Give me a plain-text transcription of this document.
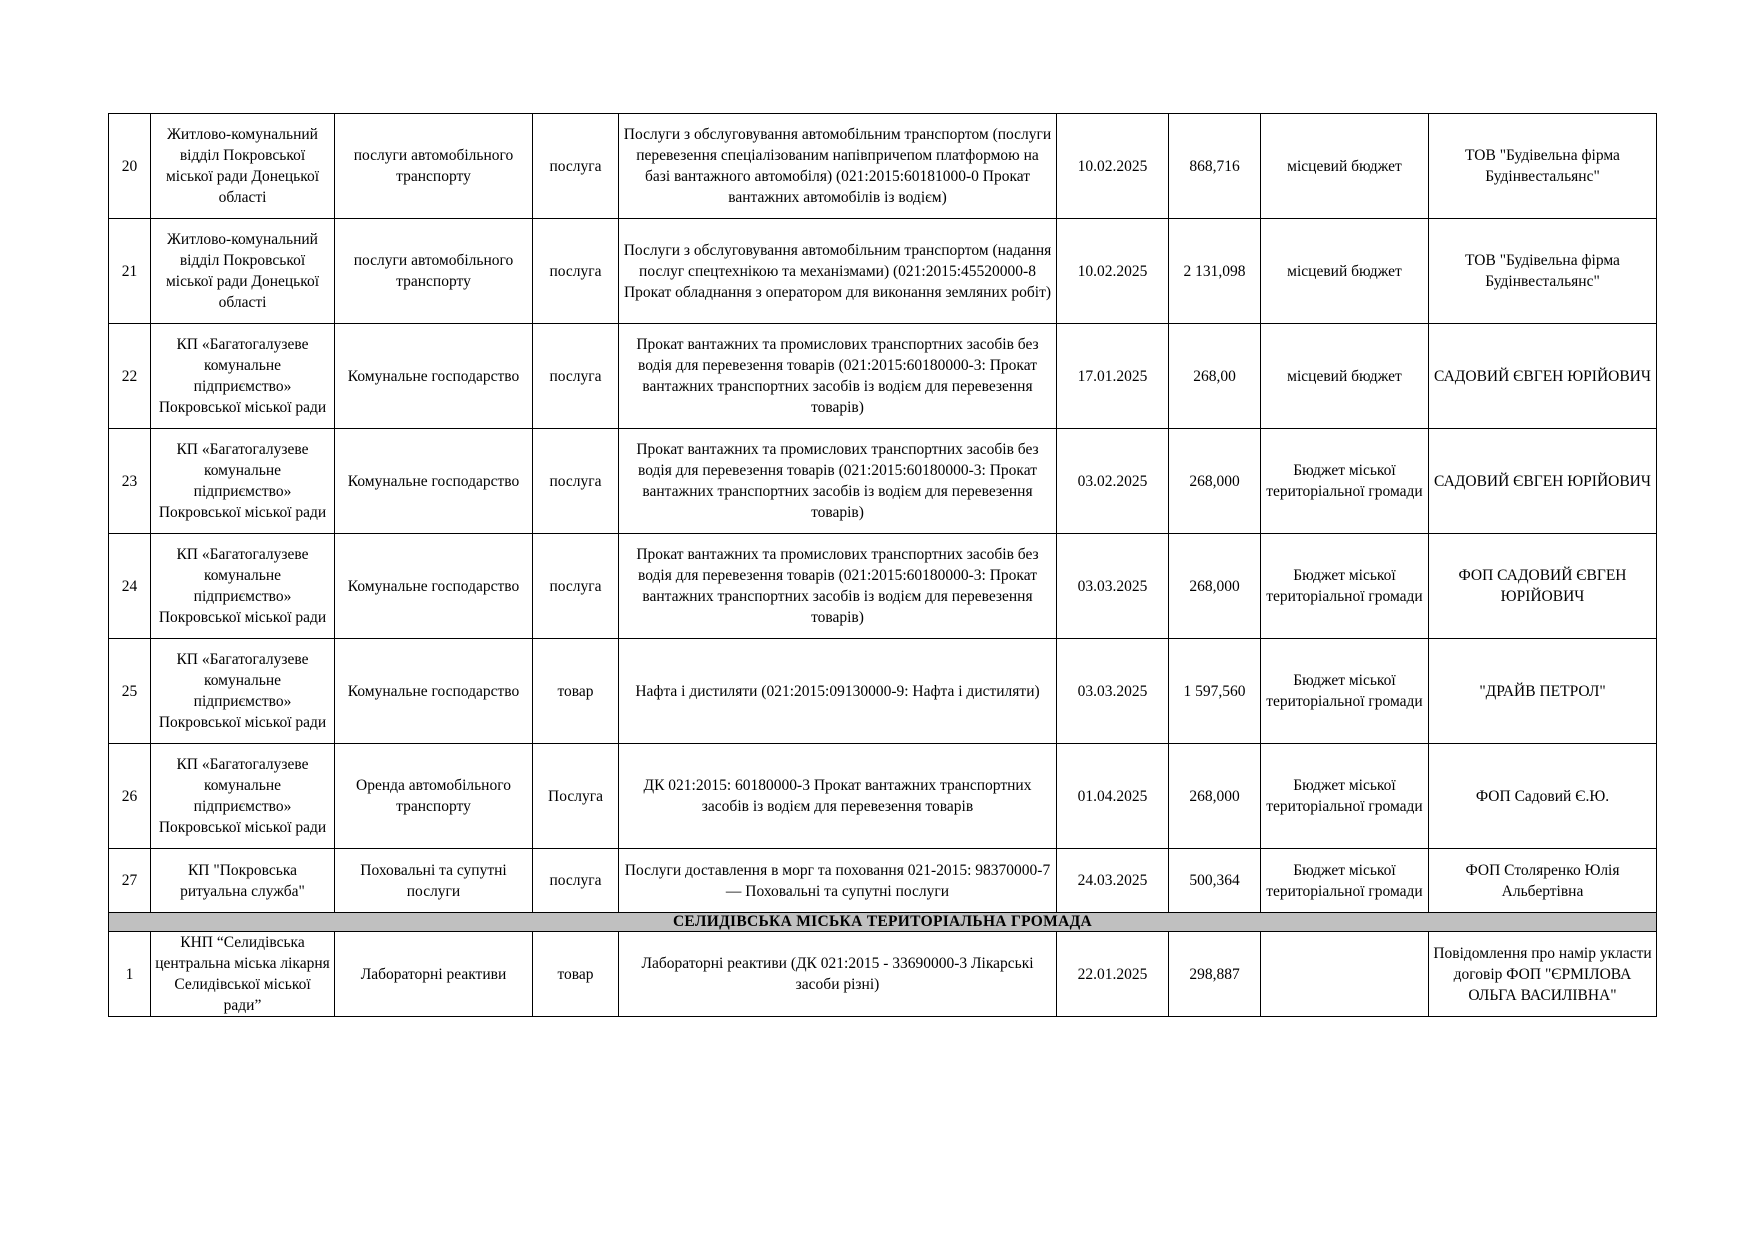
20	Житлово-комунальний відділ Покровської міської ради Донецької області	послуги автомобільного транспорту	послуга	Послуги з обслуговування автомобільним транспортом (послуги перевезення спеціалізованим напівпричепом платформою на базі вантажного автомобіля) (021:2015:60181000-0 Прокат вантажних автомобілів із водієм)	10.02.2025	868,716	місцевий бюджет	ТОВ "Будівельна фірма Будінвестальянс"
21	Житлово-комунальний відділ Покровської міської ради Донецької області	послуги автомобільного транспорту	послуга	Послуги з обслуговування автомобільним транспортом (надання послуг спецтехнікою та механізмами) (021:2015:45520000-8 Прокат обладнання з оператором для виконання земляних робіт)	10.02.2025	2 131,098	місцевий бюджет	ТОВ "Будівельна фірма Будінвестальянс"
22	КП «Багатогалузеве комунальне підприємство» Покровської міської ради	Комунальне господарство	послуга	Прокат вантажних та промислових транспортних засобів без водія для перевезення товарів (021:2015:60180000-3: Прокат вантажних транспортних засобів із водієм для перевезення товарів)	17.01.2025	268,00	місцевий бюджет	САДОВИЙ ЄВГЕН ЮРІЙОВИЧ
23	КП «Багатогалузеве комунальне підприємство» Покровської міської ради	Комунальне господарство	послуга	Прокат вантажних та промислових транспортних засобів без водія для перевезення товарів (021:2015:60180000-3: Прокат вантажних транспортних засобів із водієм для перевезення товарів)	03.02.2025	268,000	Бюджет міської територіальної громади	САДОВИЙ ЄВГЕН ЮРІЙОВИЧ
24	КП «Багатогалузеве комунальне підприємство» Покровської міської ради	Комунальне господарство	послуга	Прокат вантажних та промислових транспортних засобів без водія для перевезення товарів (021:2015:60180000-3: Прокат вантажних транспортних засобів із водієм для перевезення товарів)	03.03.2025	268,000	Бюджет міської територіальної громади	ФОП САДОВИЙ ЄВГЕН ЮРІЙОВИЧ
25	КП «Багатогалузеве комунальне підприємство» Покровської міської ради	Комунальне господарство	товар	Нафта і дистиляти (021:2015:09130000-9: Нафта і дистиляти)	03.03.2025	1 597,560	Бюджет міської територіальної громади	"ДРАЙВ ПЕТРОЛ"
26	КП «Багатогалузеве комунальне підприємство» Покровської міської ради	Оренда автомобільного транспорту	Послуга	ДК 021:2015: 60180000-3 Прокат вантажних транспортних засобів із водієм для перевезення товарів	01.04.2025	268,000	Бюджет міської територіальної громади	ФОП Садовий Є.Ю.
27	КП "Покровська ритуальна служба"	Поховальні та супутні послуги	послуга	Послуги доставлення в морг та поховання 021-2015: 98370000-7 — Поховальні та супутні послуги	24.03.2025	500,364	Бюджет міської територіальної громади	ФОП Столяренко Юлія Альбертівна
СЕЛИДІВСЬКА МІСЬКА ТЕРИТОРІАЛЬНА ГРОМАДА								
1	КНП “Селидівська центральна міська лікарня Селидівської міської ради”	Лабораторні реактиви	товар	Лабораторні реактиви (ДК 021:2015 - 33690000-3 Лікарські засоби різні)	22.01.2025	298,887		Повідомлення про намір укласти договір ФОП "ЄРМІЛОВА ОЛЬГА ВАСИЛІВНА"
